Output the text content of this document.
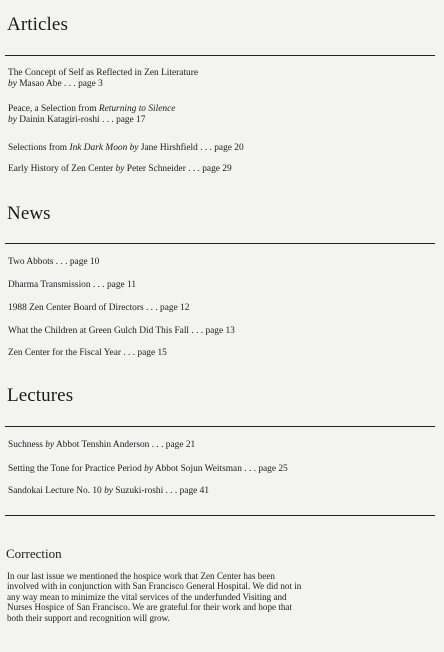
Articles
The Concept of Self as Reflected in Zen Literature
by Masao Abe . . . page 3
Peace, a Selection from Returning to Silence
by Dainin Katagiri-roshi . . . page 17
Selections from Ink Dark Moon by Jane Hirshfield . . . page 20
Early History of Zen Center by Peter Schneider . . . page 29
News
Two Abbots . . . page 10
Dharma Transmission . . . page 11
1988 Zen Center Board of Directors . . . page 12
What the Children at Green Gulch Did This Fall . . . page 13
Zen Center for the Fiscal Year . . . page 15
Lectures
Suchness by Abbot Tenshin Anderson . . . page 21
Setting the Tone for Practice Period by Abbot Sojun Weitsman . . . page 25
Sandokai Lecture No. 10 by Suzuki-roshi . . . page 41
Correction
In our last issue we mentioned the hospice work that Zen Center has been
involved with in conjunction with San Francisco General Hospital. We did not in
any way mean to minimize the vital services of the underfunded Visiting and
Nurses Hospice of San Francisco. We are grateful for their work and hope that
both their support and recognition will grow.
